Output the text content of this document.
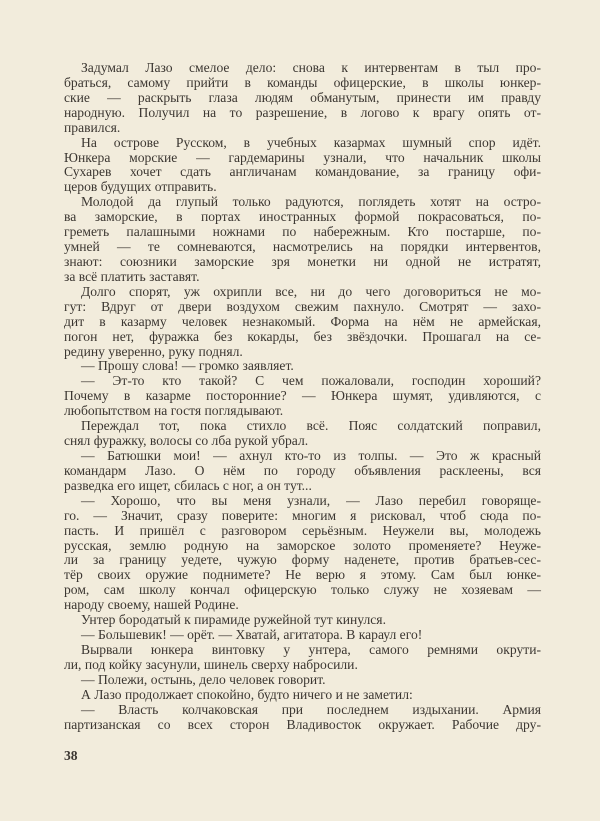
Задумал Лазо смелое дело: снова к интервентам в тыл про-
браться, самому прийти в команды офицерские, в школы юнкер-
ские — раскрыть глаза людям обманутым, принести им правду
народную. Получил на то разрешение, в логово к врагу опять от-
правился.
На острове Русском, в учебных казармах шумный спор идёт.
Юнкера морские — гардемарины узнали, что начальник школы
Сухарев хочет сдать англичанам командование, за границу офи-
церов будущих отправить.
Молодой да глупый только радуются, поглядеть хотят на остро-
ва заморские, в портах иностранных формой покрасоваться, по-
греметь палашными ножнами по набережным. Кто постарше, по-
умней — те сомневаются, насмотрелись на порядки интервентов,
знают: союзники заморские зря монетки ни одной не истратят,
за всё платить заставят.
Долго спорят, уж охрипли все, ни до чего договориться не мо-
гут: Вдруг от двери воздухом свежим пахнуло. Смотрят — захо-
дит в казарму человек незнакомый. Форма на нём не армейская,
погон нет, фуражка без кокарды, без звёздочки. Прошагал на се-
редину уверенно, руку поднял.
— Прошу слова! — громко заявляет.
— Эт-то кто такой? С чем пожаловали, господин хороший?
Почему в казарме посторонние? — Юнкера шумят, удивляются, с
любопытством на гостя поглядывают.
Переждал тот, пока стихло всё. Пояс солдатский поправил,
снял фуражку, волосы со лба рукой убрал.
— Батюшки мои! — ахнул кто-то из толпы. — Это ж красный
командарм Лазо. О нём по городу объявления расклеены, вся
разведка его ищет, сбилась с ног, а он тут...
— Хорошо, что вы меня узнали, — Лазо перебил говоряще-
го. — Значит, сразу поверите: многим я рисковал, чтоб сюда по-
пасть. И пришёл с разговором серьёзным. Неужели вы, молодежь
русская, землю родную на заморское золото променяете? Неуже-
ли за границу уедете, чужую форму наденете, против братьев-сес-
тёр своих оружие поднимете? Не верю я этому. Сам был юнке-
ром, сам школу кончал офицерскую только служу не хозяевам —
народу своему, нашей Родине.
Унтер бородатый к пирамиде ружейной тут кинулся.
— Большевик! — орёт. — Хватай, агитатора. В караул его!
Вырвали юнкера винтовку у унтера, самого ремнями окрути-
ли, под койку засунули, шинель сверху набросили.
— Полежи, остынь, дело человек говорит.
А Лазо продолжает спокойно, будто ничего и не заметил:
— Власть колчаковская при последнем издыхании. Армия
партизанская со всех сторон Владивосток окружает. Рабочие дру-
38
